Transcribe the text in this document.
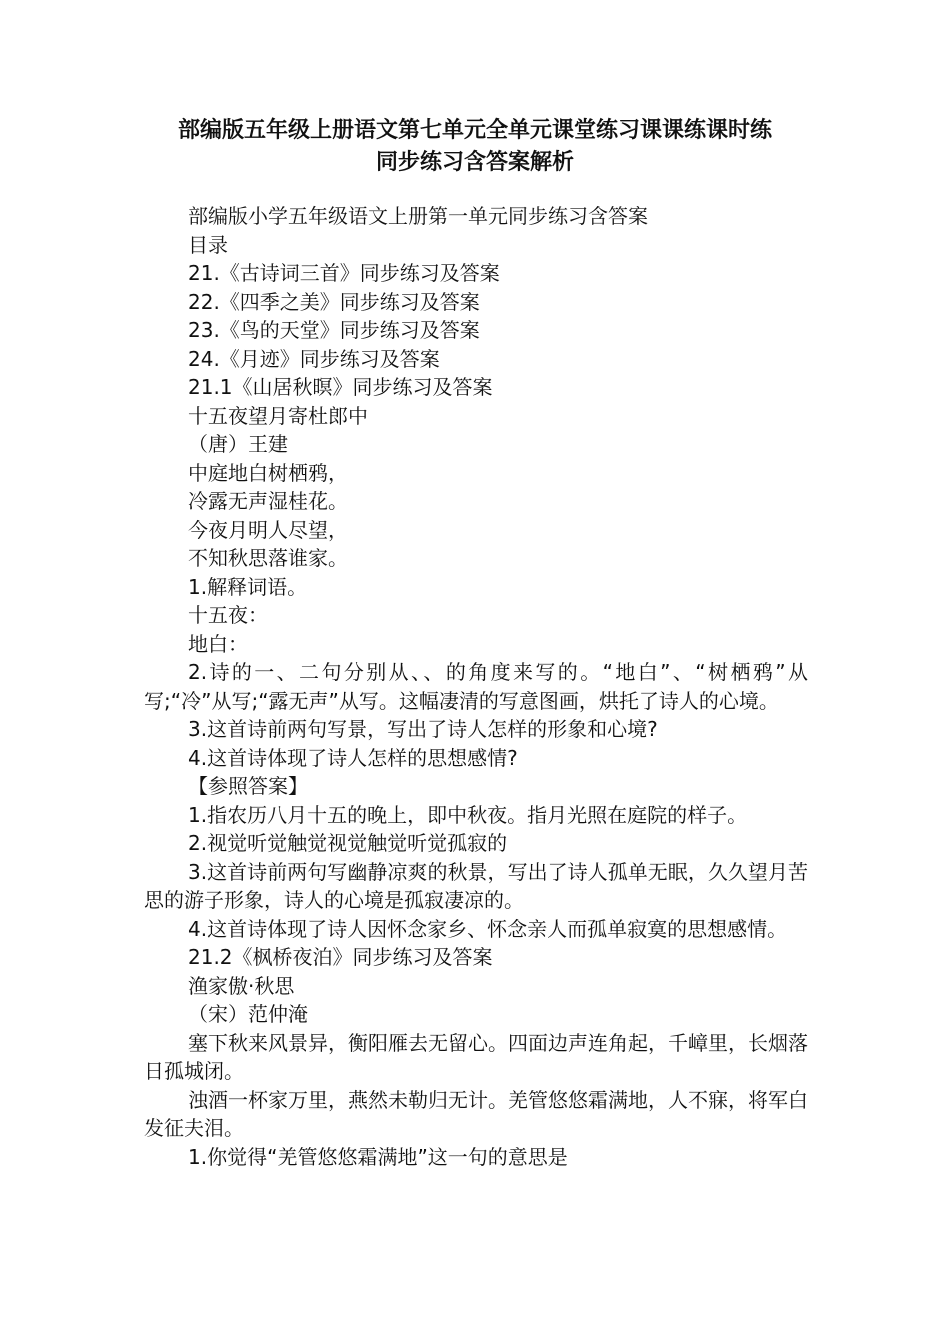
部编版五年级上册语文第七单元全单元课堂练习课课练课时练
同步练习含答案解析

部编版小学五年级语文上册第一单元同步练习含答案

目录

21.《古诗词三首》同步练习及答案

22.《四季之美》同步练习及答案

23.《鸟的天堂》同步练习及答案

24.《月迹》同步练习及答案

21.1《山居秋暝》同步练习及答案

十五夜望月寄杜郎中

（唐）王建

中庭地白树栖鸦，

冷露无声湿桂花。

今夜月明人尽望，

不知秋思落谁家。

1.解释词语。

十五夜：

地白：

2.诗的一、二句分别从、、的角度来写的。“地白”、“树栖鸦”从写;“冷”从写;“露无声”从写。这幅凄清的写意图画，烘托了诗人的心境。

3.这首诗前两句写景，写出了诗人怎样的形象和心境?

4.这首诗体现了诗人怎样的思想感情?

【参照答案】

1.指农历八月十五的晚上，即中秋夜。指月光照在庭院的样子。

2.视觉听觉触觉视觉触觉听觉孤寂的

3.这首诗前两句写幽静凉爽的秋景，写出了诗人孤单无眠，久久望月苦思的游子形象，诗人的心境是孤寂凄凉的。

4.这首诗体现了诗人因怀念家乡、怀念亲人而孤单寂寞的思想感情。

21.2《枫桥夜泊》同步练习及答案

渔家傲·秋思

（宋）范仲淹

塞下秋来风景异，衡阳雁去无留心。四面边声连角起，千嶂里，长烟落日孤城闭。

浊酒一杯家万里，燕然未勒归无计。羌管悠悠霜满地，人不寐，将军白发征夫泪。

1.你觉得“羌管悠悠霜满地”这一句的意思是
